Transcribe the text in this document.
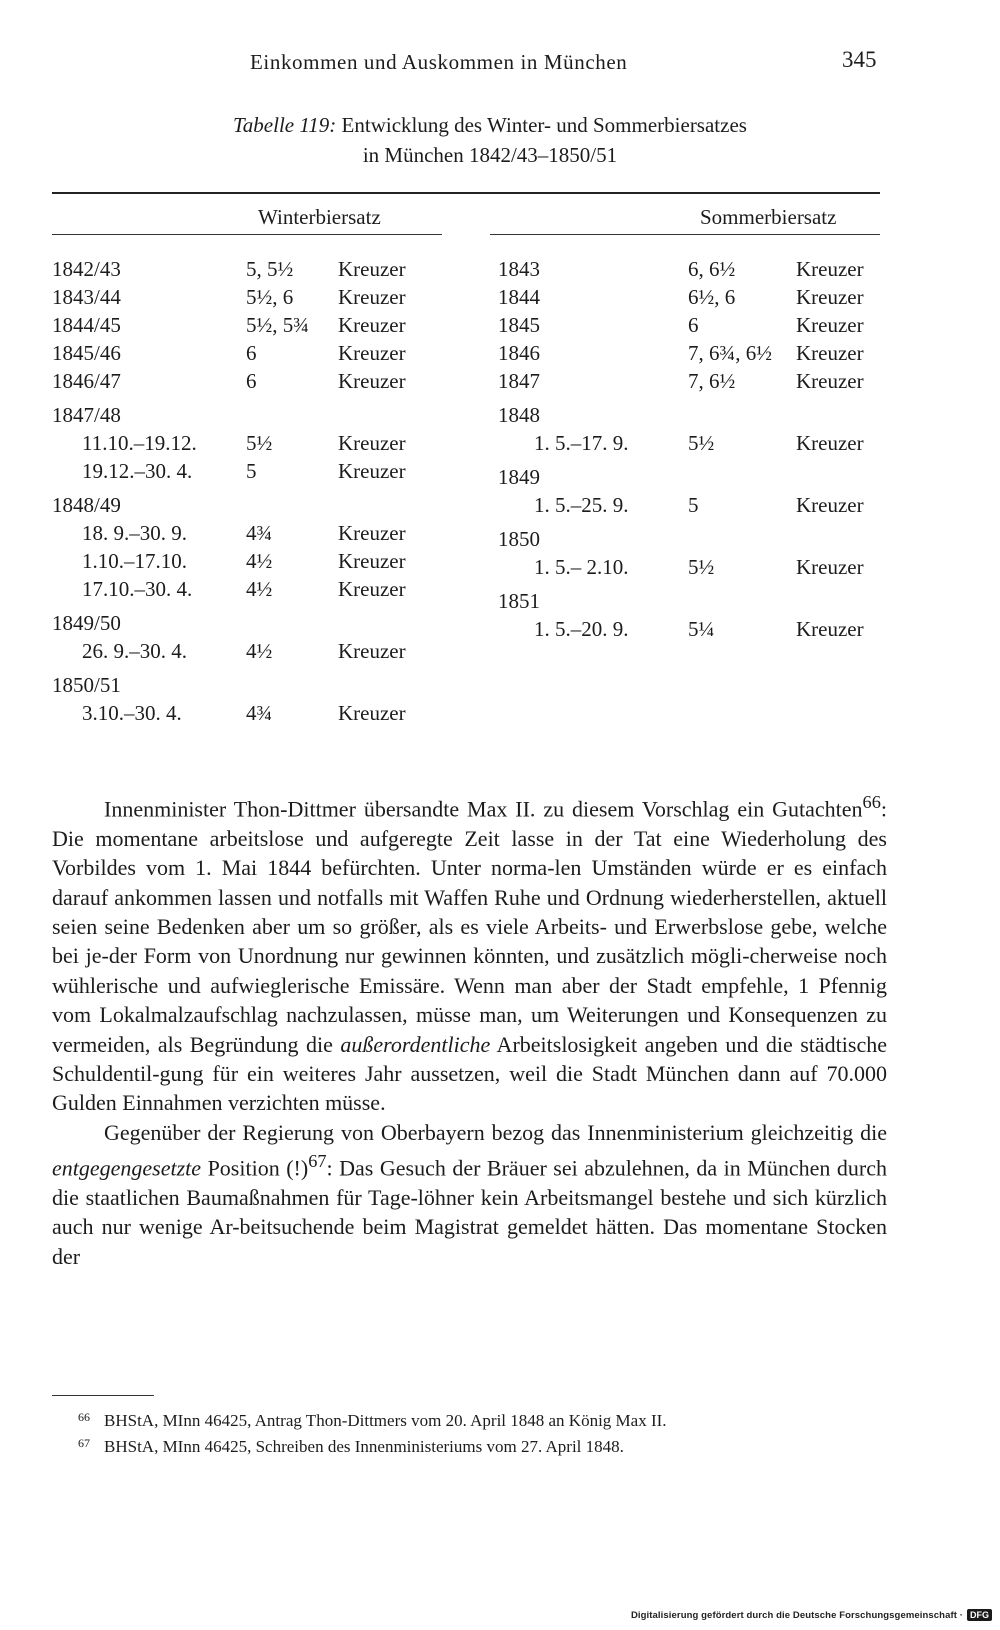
Einkommen und Auskommen in München	345
Tabelle 119: Entwicklung des Winter- und Sommerbiersatzes
in München 1842/43–1850/51
Winterbiersatz	Sommerbiersatz
1842/43	5, 5½ Kreuzer
1843/44	5½, 6 Kreuzer
1844/45	5½, 5¾ Kreuzer
1845/46	6	Kreuzer
1846/47	6	Kreuzer
1847/48
11.10.–19.12. 5½	Kreuzer
19.12.–30. 4.	5	Kreuzer
1848/49
18. 9.–30. 9.	4¾	Kreuzer
1.10.–17.10.	4½	Kreuzer
17.10.–30. 4.	4½	Kreuzer
1849/50
26. 9.–30. 4.	4½	Kreuzer
1850/51
3.10.–30. 4.	4¾	Kreuzer
1843	6, 6½	Kreuzer
1844	6½, 6	Kreuzer
1845	6	Kreuzer
1846	7, 6¾, 6½ Kreuzer
1847	7, 6½	Kreuzer
1848
1. 5.–17. 9.	5½	Kreuzer
1849
1. 5.–25. 9.	5	Kreuzer
1850
1. 5.– 2.10.	5½	Kreuzer
1851
1. 5.–20. 9.	5¼	Kreuzer

Innenminister Thon-Dittmer übersandte Max II. zu diesem Vorschlag ein Gutachten$^{66}$: Die momentane arbeitslose und aufgeregte Zeit lasse in der Tat eine Wiederholung des Vorbildes vom 1. Mai 1844 befürchten. Unter norma-len Umständen würde er es einfach darauf ankommen lassen und notfalls mit Waffen Ruhe und Ordnung wiederherstellen, aktuell seien seine Bedenken aber um so größer, als es viele Arbeits- und Erwerbslose gebe, welche bei je-der Form von Unordnung nur gewinnen könnten, und zusätzlich mögli-cherweise noch wühlerische und aufwieglerische Emissäre. Wenn man aber der Stadt empfehle, 1 Pfennig vom Lokalmalzaufschlag nachzulassen, müsse man, um Weiterungen und Konsequenzen zu vermeiden, als Begründung die außerordentliche Arbeitslosigkeit angeben und die städtische Schuldentil-gung für ein weiteres Jahr aussetzen, weil die Stadt München dann auf 70.000 Gulden Einnahmen verzichten müsse.

Gegenüber der Regierung von Oberbayern bezog das Innenministerium gleichzeitig die entgegengesetzte Position (!)$^{67}$: Das Gesuch der Bräuer sei abzulehnen, da in München durch die staatlichen Baumaßnahmen für Tage-löhner kein Arbeitsmangel bestehe und sich kürzlich auch nur wenige Ar-beitsuchende beim Magistrat gemeldet hätten. Das momentane Stocken der

66 BHStA, MInn 46425, Antrag Thon-Dittmers vom 20. April 1848 an König Max II.
67 BHStA, MInn 46425, Schreiben des Innenministeriums vom 27. April 1848.
Digitalisierung gefördert durch die Deutsche Forschungsgemeinschaft · DFG
